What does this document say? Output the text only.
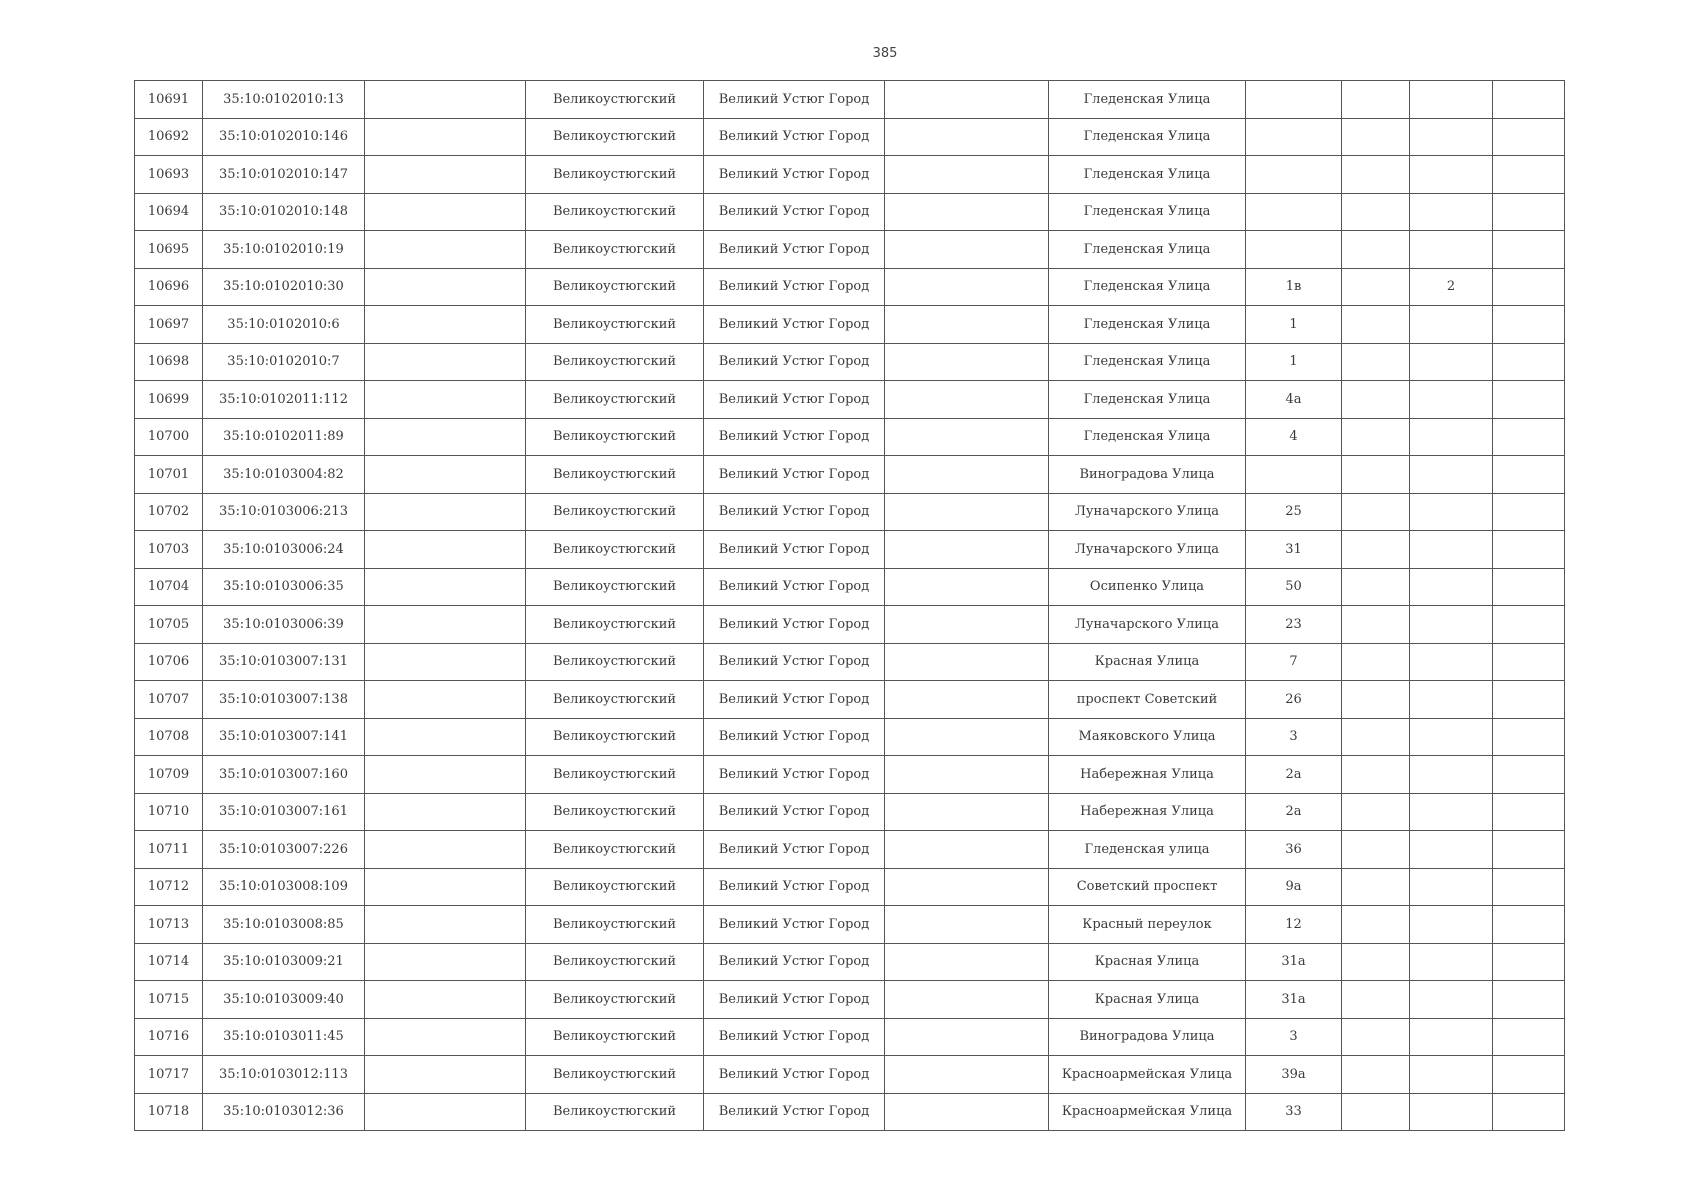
385
10691	35:10:0102010:13		Великоустюгский	Великий Устюг Город		Гледенская Улица				
10692	35:10:0102010:146		Великоустюгский	Великий Устюг Город		Гледенская Улица				
10693	35:10:0102010:147		Великоустюгский	Великий Устюг Город		Гледенская Улица				
10694	35:10:0102010:148		Великоустюгский	Великий Устюг Город		Гледенская Улица				
10695	35:10:0102010:19		Великоустюгский	Великий Устюг Город		Гледенская Улица				
10696	35:10:0102010:30		Великоустюгский	Великий Устюг Город		Гледенская Улица	1в		2	
10697	35:10:0102010:6		Великоустюгский	Великий Устюг Город		Гледенская Улица	1			
10698	35:10:0102010:7		Великоустюгский	Великий Устюг Город		Гледенская Улица	1			
10699	35:10:0102011:112		Великоустюгский	Великий Устюг Город		Гледенская Улица	4а			
10700	35:10:0102011:89		Великоустюгский	Великий Устюг Город		Гледенская Улица	4			
10701	35:10:0103004:82		Великоустюгский	Великий Устюг Город		Виноградова Улица				
10702	35:10:0103006:213		Великоустюгский	Великий Устюг Город		Луначарского Улица	25			
10703	35:10:0103006:24		Великоустюгский	Великий Устюг Город		Луначарского Улица	31			
10704	35:10:0103006:35		Великоустюгский	Великий Устюг Город		Осипенко Улица	50			
10705	35:10:0103006:39		Великоустюгский	Великий Устюг Город		Луначарского Улица	23			
10706	35:10:0103007:131		Великоустюгский	Великий Устюг Город		Красная Улица	7			
10707	35:10:0103007:138		Великоустюгский	Великий Устюг Город		проспект Советский	26			
10708	35:10:0103007:141		Великоустюгский	Великий Устюг Город		Маяковского Улица	3			
10709	35:10:0103007:160		Великоустюгский	Великий Устюг Город		Набережная Улица	2а			
10710	35:10:0103007:161		Великоустюгский	Великий Устюг Город		Набережная Улица	2а			
10711	35:10:0103007:226		Великоустюгский	Великий Устюг Город		Гледенская улица	36			
10712	35:10:0103008:109		Великоустюгский	Великий Устюг Город		Советский проспект	9а			
10713	35:10:0103008:85		Великоустюгский	Великий Устюг Город		Красный переулок	12			
10714	35:10:0103009:21		Великоустюгский	Великий Устюг Город		Красная Улица	31а			
10715	35:10:0103009:40		Великоустюгский	Великий Устюг Город		Красная Улица	31а			
10716	35:10:0103011:45		Великоустюгский	Великий Устюг Город		Виноградова Улица	3			
10717	35:10:0103012:113		Великоустюгский	Великий Устюг Город		Красноармейская Улица	39а			
10718	35:10:0103012:36		Великоустюгский	Великий Устюг Город		Красноармейская Улица	33			
